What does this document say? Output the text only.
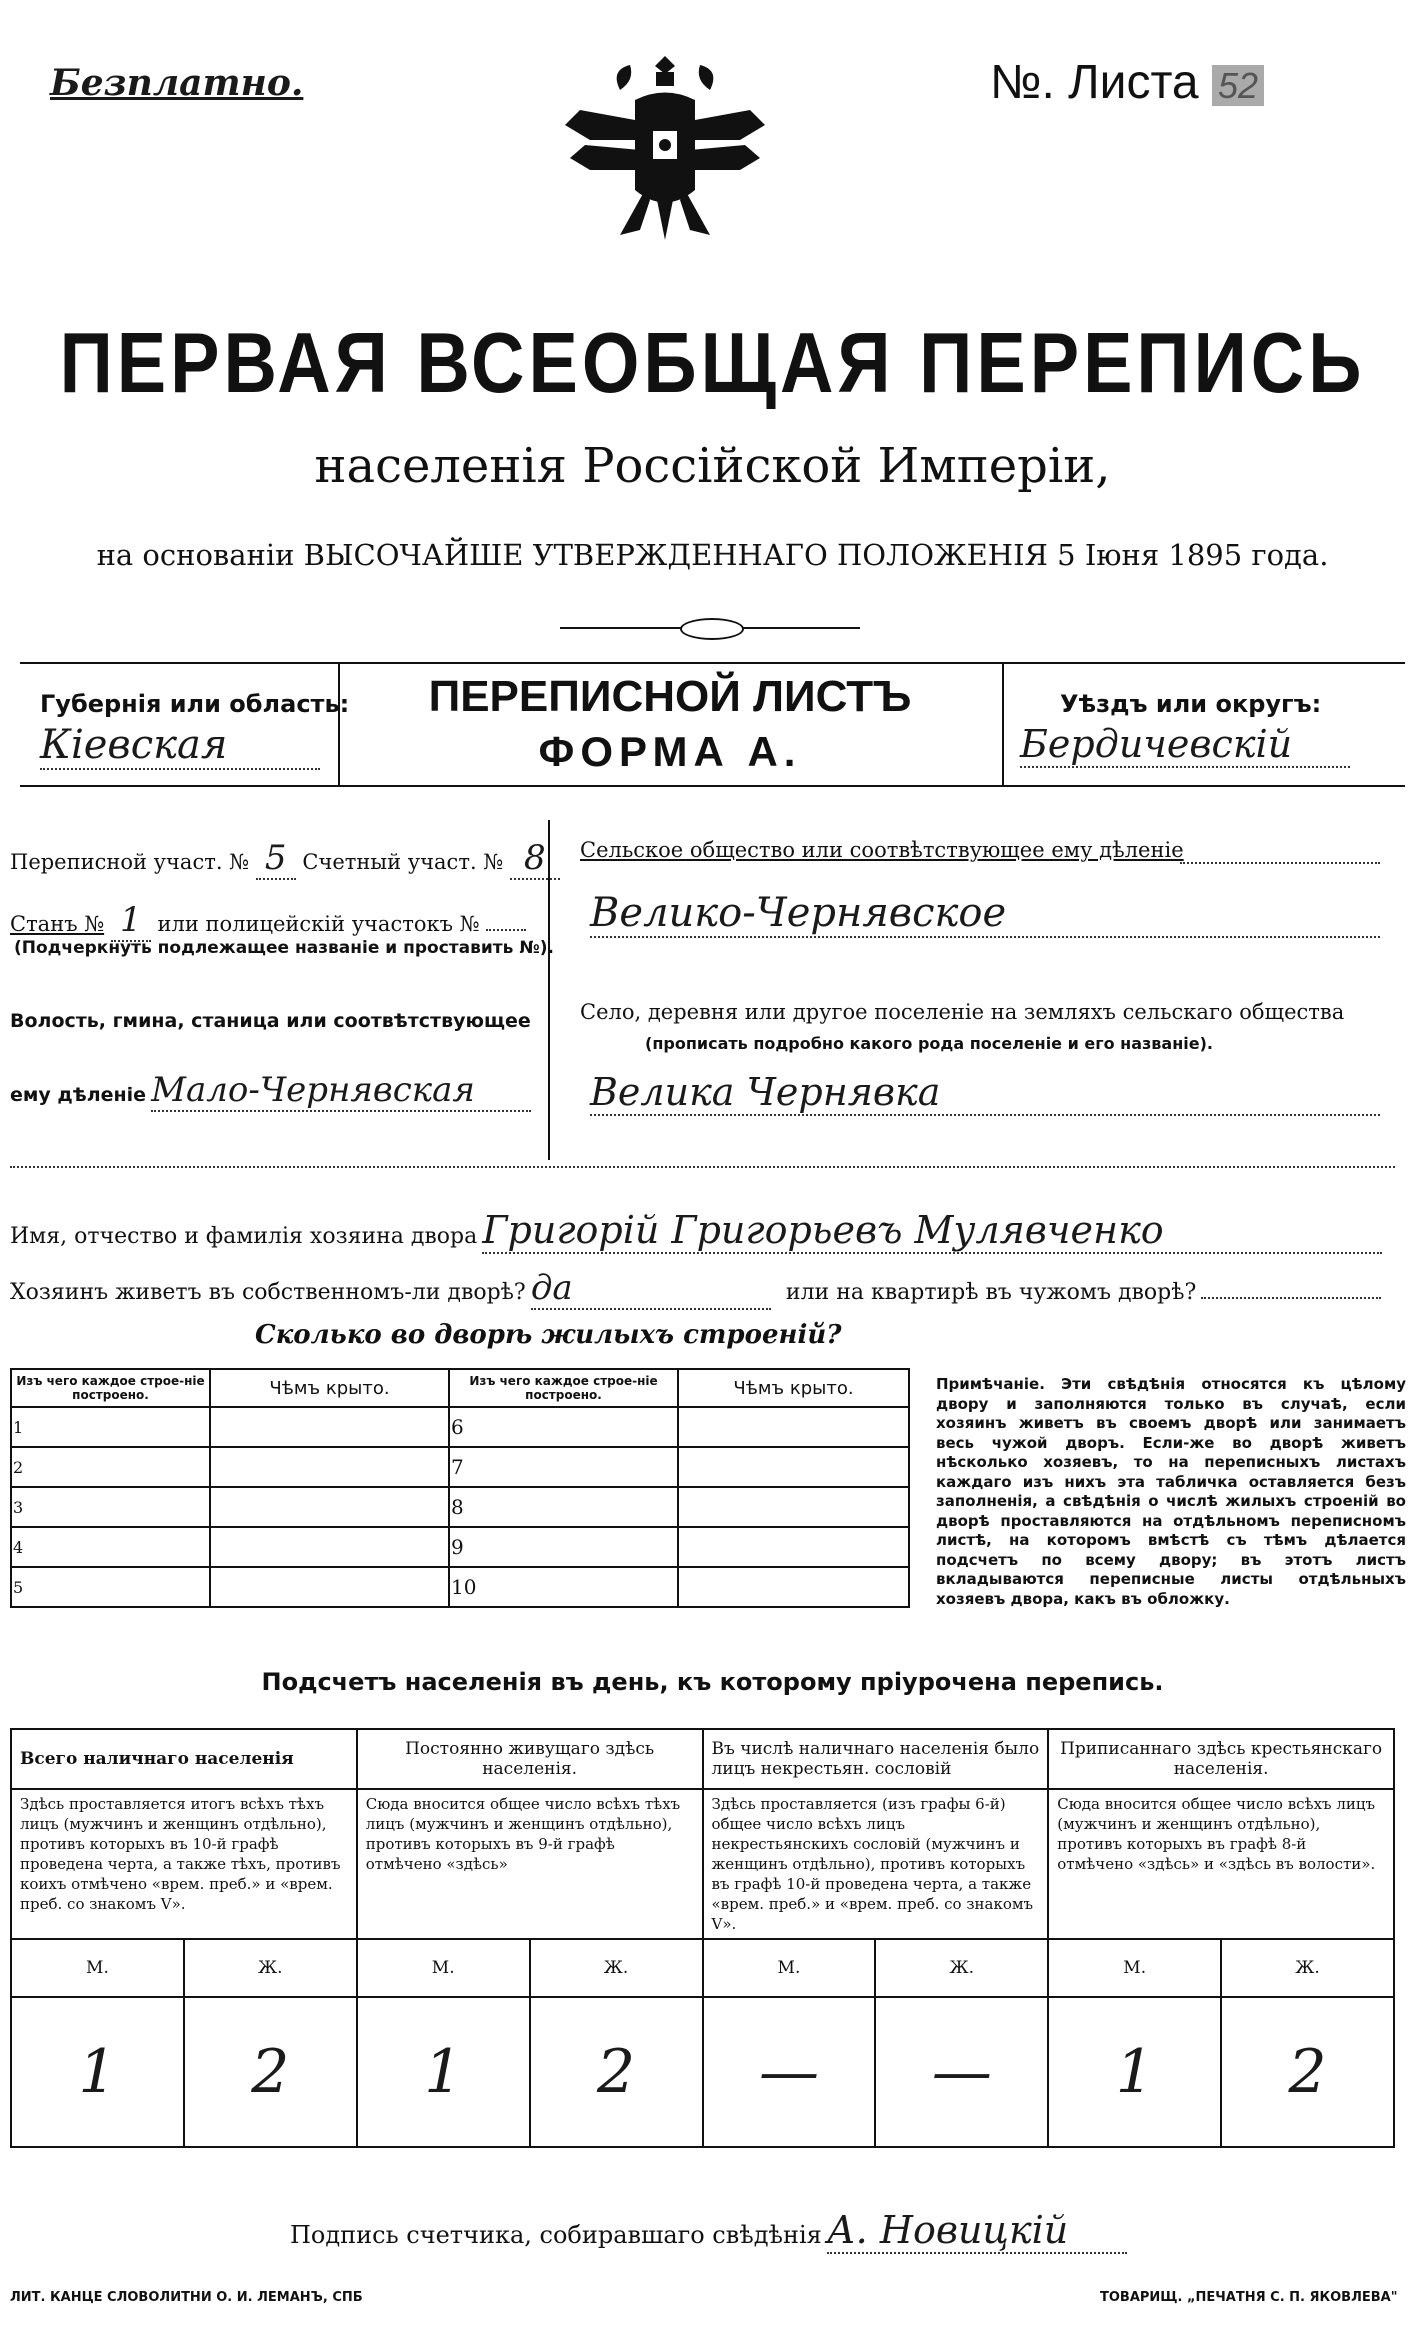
Безплатно.	№. Листа 52
ПЕРВАЯ ВСЕОБЩАЯ ПЕРЕПИСЬ
населенія Россійской Имперіи,
на основаніи ВЫСОЧАЙШЕ УТВЕРЖДЕННАГО ПОЛОЖЕНІЯ 5 Іюня 1895 года.
Губернія или область:
Кіевская
ПЕРЕПИСНОЙ ЛИСТЪ
ФОРМА А.
Уѣздъ или округъ:
Бердичевскій
Переписной участ. № 5 Счетный участ. № 8
Станъ № 1 или полицейскій участокъ №
(Подчеркнуть подлежащее названіе и проставить №).
Волость, гмина, станица или соотвѣтствующее
ему дѣленіе Мало-Чернявская
Сельское общество или соотвѣтствующее ему дѣленіе
Велико-Чернявское
Село, деревня или другое поселеніе на земляхъ сельскаго общества
(прописать подробно какого рода поселеніе и его названіе).
Велика Чернявка
Имя, отчество и фамилія хозяина двора Григорій Григорьевъ Мулявченко
Хозяинъ живетъ въ собственномъ-ли дворѣ? да	или на квартирѣ въ чужомъ дворѣ?
Сколько во дворѣ жилыхъ строеній?
Изъ чего каждое строе-ніе построено.	Чѣмъ крыто.	Изъ чего каждое строе-ніе построено.	Чѣмъ крыто.
1		6	
2		7	
3		8	
4		9	
5		10	
Примѣчаніе. Эти свѣдѣнія относятся къ цѣлому двору и заполняются только въ случаѣ, если хозяинъ живетъ въ своемъ дворѣ или занимаетъ весь чужой дворъ. Если-же во дворѣ живетъ нѣсколько хозяевъ, то на переписныхъ листахъ каждаго изъ нихъ эта табличка оставляется безъ заполненія, а свѣдѣнія о числѣ жилыхъ строеній во дворѣ проставляются на отдѣльномъ переписномъ листѣ, на которомъ вмѣстѣ съ тѣмъ дѣлается подсчетъ по всему двору; въ этотъ листъ вкладываются переписные листы отдѣльныхъ хозяевъ двора, какъ въ обложку.
Подсчетъ населенія въ день, къ которому пріурочена перепись.
Всего наличнаго населенія		Постоянно живущаго здѣсь населенія.		Въ числѣ наличнаго населенія было лицъ некрестьян. сословій		Приписаннаго здѣсь крестьянскаго населенія.	
Здѣсь проставляется итогъ всѣхъ тѣхъ лицъ (мужчинъ и женщинъ отдѣльно), противъ которыхъ въ 10-й графѣ проведена черта, а также тѣхъ, противъ коихъ отмѣчено «врем. преб.» и «врем. преб. со знакомъ V».		Сюда вносится общее число всѣхъ тѣхъ лицъ (мужчинъ и женщинъ отдѣльно), противъ которыхъ въ 9-й графѣ отмѣчено «здѣсь»		Здѣсь проставляется (изъ графы 6-й) общее число всѣхъ лицъ некрестьянскихъ сословій (мужчинъ и женщинъ отдѣльно), противъ которыхъ въ графѣ 10-й проведена черта, а также «врем. преб.» и «врем. преб. со знакомъ V».		Сюда вносится общее число всѣхъ лицъ (мужчинъ и женщинъ отдѣльно), противъ которыхъ въ графѣ 8-й отмѣчено «здѣсь» и «здѣсь въ волости».	
М.	Ж.	М.	Ж.	М.	Ж.	М.	Ж.
1	2	1	2	—	—	1	2
Подпись счетчика, собиравшаго свѣдѣнія А. Новицкій
ЛИТ. КАНЦЕ СЛОВОЛИТНИ О. И. ЛЕМАНЪ, СПБ	ТОВАРИЩ. „ПЕЧАТНЯ С. П. ЯКОВЛЕВА"
